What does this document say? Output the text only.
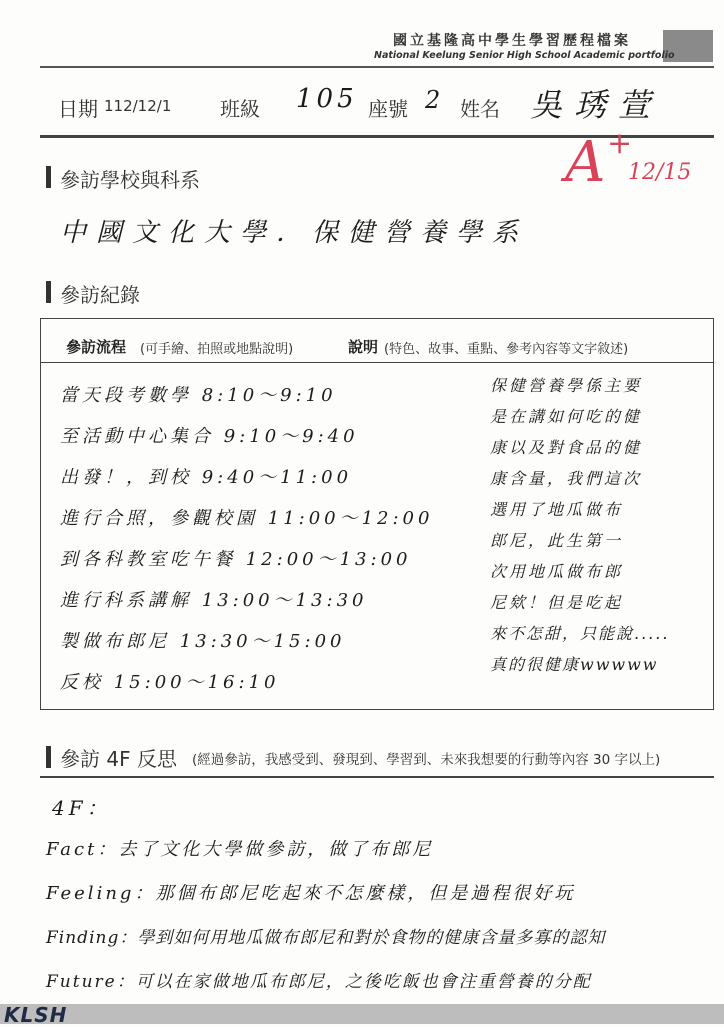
國立基隆高中學生學習歷程檔案
National Keelung Senior High School Academic portfolio
日期 112/12/1 班級 105 座號 2 姓名 吳琇萱
A +
12/15
參訪學校與科系
中國文化大學．保健營養學系
參訪紀錄
參訪流程 (可手繪、拍照或地點說明)	說明 (特色、故事、重點、參考內容等文字敘述)
當天段考數學 8:10～9:10
至活動中心集合 9:10～9:40
出發！，到校 9:40～11:00
進行合照，參觀校園 11:00～12:00
到各科教室吃午餐 12:00～13:00
進行科系講解 13:00～13:30
製做布郎尼 13:30～15:00
反校 15:00～16:10
保健營養學係主要
是在講如何吃的健
康以及對食品的健
康含量，我們這次
選用了地瓜做布
郎尼，此生第一
次用地瓜做布郎
尼欸！但是吃起
來不怎甜，只能說.....
真的很健康wwwww
參訪 4F 反思 (經過參訪，我感受到、發現到、學習到、未來我想要的行動等內容 30 字以上)
4F：
Fact：去了文化大學做參訪，做了布郎尼
Feeling：那個布郎尼吃起來不怎麼樣，但是過程很好玩
Finding：學到如何用地瓜做布郎尼和對於食物的健康含量多寡的認知
Future：可以在家做地瓜布郎尼，之後吃飯也會注重營養的分配
KLSH
